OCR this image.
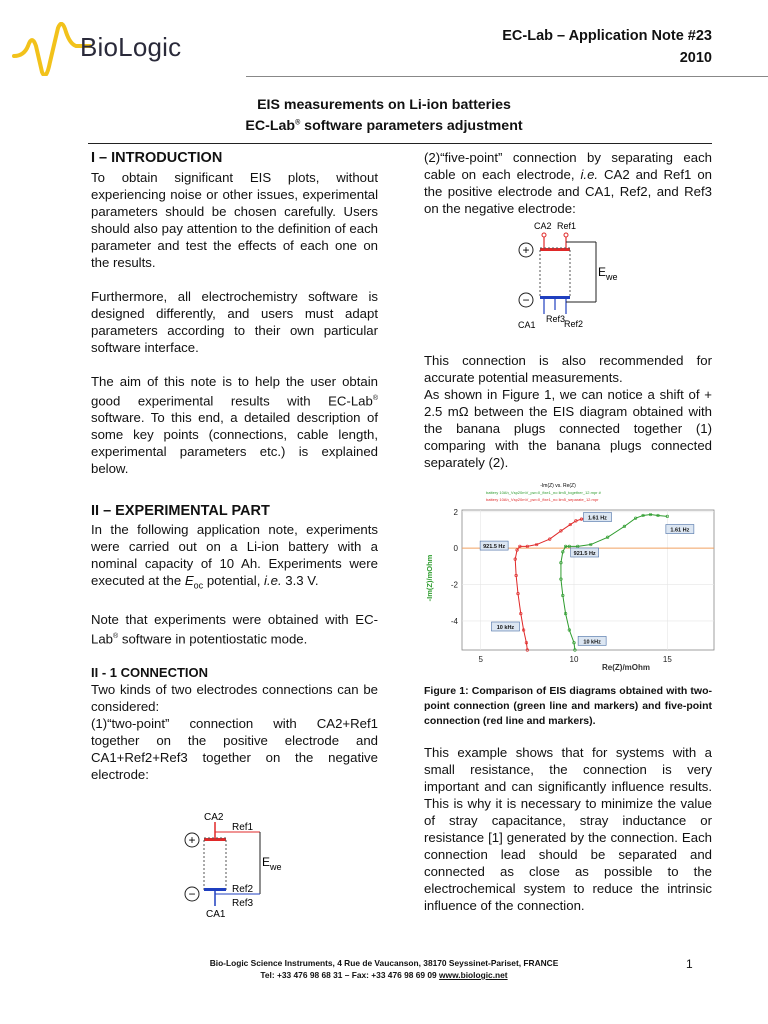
BioLogic	EC-Lab – Application Note #23
2010
EIS measurements on Li-ion batteries
EC-Lab® software parameters adjustment

I – INTRODUCTION

To obtain significant EIS plots, without experiencing noise or other issues, experimental parameters should be chosen carefully. Users should also pay attention to the definition of each parameter and test the effects of each one on the results.

Furthermore, all electrochemistry software is designed differently, and users must adapt parameters according to their own particular software interface.

The aim of this note is to help the user obtain good experimental results with EC-Lab® software. To this end, a detailed description of some key points (connections, cable length, experimental parameters etc.) is explained below.

II – EXPERIMENTAL PART

In the following application note, experiments were carried out on a Li-ion battery with a nominal capacity of 10 Ah. Experiments were executed at the $E_{oc}$ potential, i.e. 3.3 V.

Note that experiments were obtained with EC-Lab® software in potentiostatic mode.

II - 1 CONNECTION

Two kinds of two electrodes connections can be considered:

(1)“two-point” connection with CA2+Ref1 together on the positive electrode and CA1+Ref2+Ref3 together on the negative electrode:

+
−
CA2
Ref1
$E_{we}$
Ref2
Ref3
CA1

(2)“five-point” connection by separating each cable on each electrode, i.e. CA2 and Ref1 on the positive electrode and CA1, Ref2, and Ref3 on the negative electrode:

+
−
CA2 Ref1
$E_{we}$
Ref3
CA1	Ref2

This connection is also recommended for accurate potential measurements.

As shown in Figure 1, we can notice a shift of + 2.5 mΩ between the EIS diagram obtained with the banana plugs connected together (1) comparing with the banana plugs connected separately (2).

-Im(Z) vs. Re(Z)
battery 10Ah_Vsp20mV_pw=0_fixe1_no lim5_together_12.mpr #
battery 10Ah_Vsp20mV_pw=0_fixe1_no lim5_separate_12.mpr
5	10	15
2
0
-2
-4
1.61 Hz
1.61 Hz
921.5 Hz
921.5 Hz
10 kHz
10 kHz
Re(Z)/mOhm
-Im(Z)/mOhm
Figure 1: Comparison of EIS diagrams obtained with two-point connection (green line and markers) and five-point connection (red line and markers).

This example shows that for systems with a small resistance, the connection is very important and can significantly influence results. This is why it is necessary to minimize the value of stray capacitance, stray inductance or resistance [1] generated by the connection. Each connection lead should be separated and connected as close as possible to the electrochemical system to reduce the intrinsic influence of the connection.

Bio-Logic Science Instruments, 4 Rue de Vaucanson, 38170 Seyssinet-Pariset, FRANCE
Tel: +33 476 98 68 31 – Fax: +33 476 98 69 09 www.biologic.net
1
